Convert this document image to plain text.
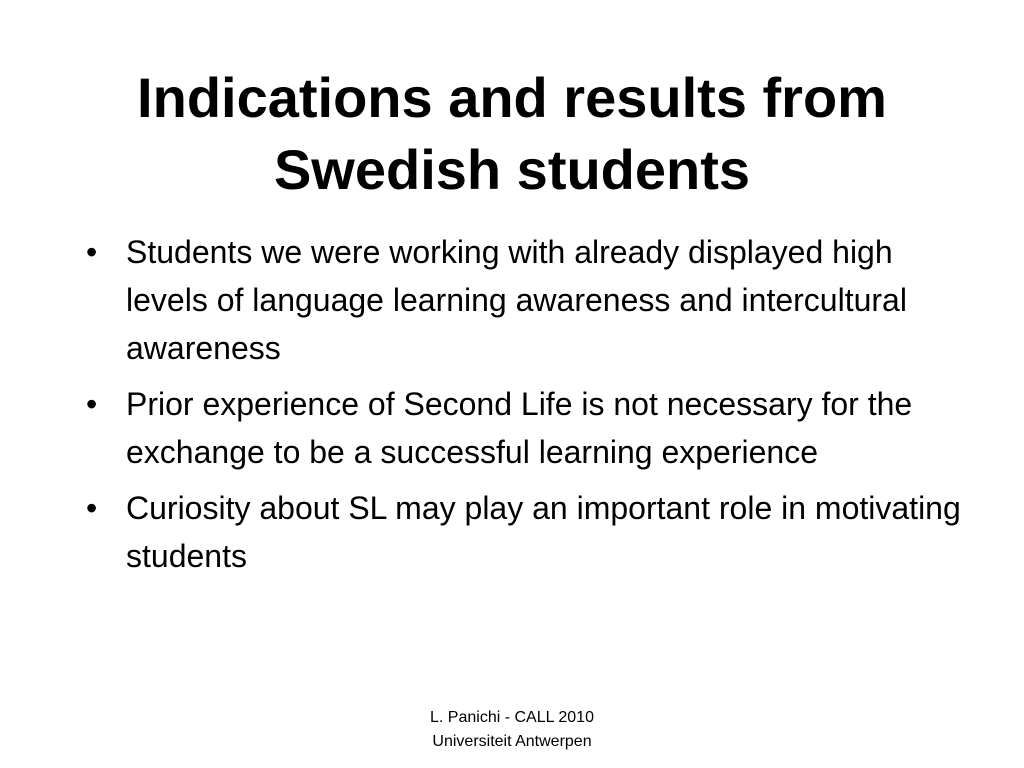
Indications and results from
Swedish students
• Students we were working with already displayed high levels of language learning awareness and intercultural awareness
• Prior experience of Second Life is not necessary for the exchange to be a successful learning experience
• Curiosity about SL may play an important role in motivating students
L. Panichi - CALL 2010
Universiteit Antwerpen
